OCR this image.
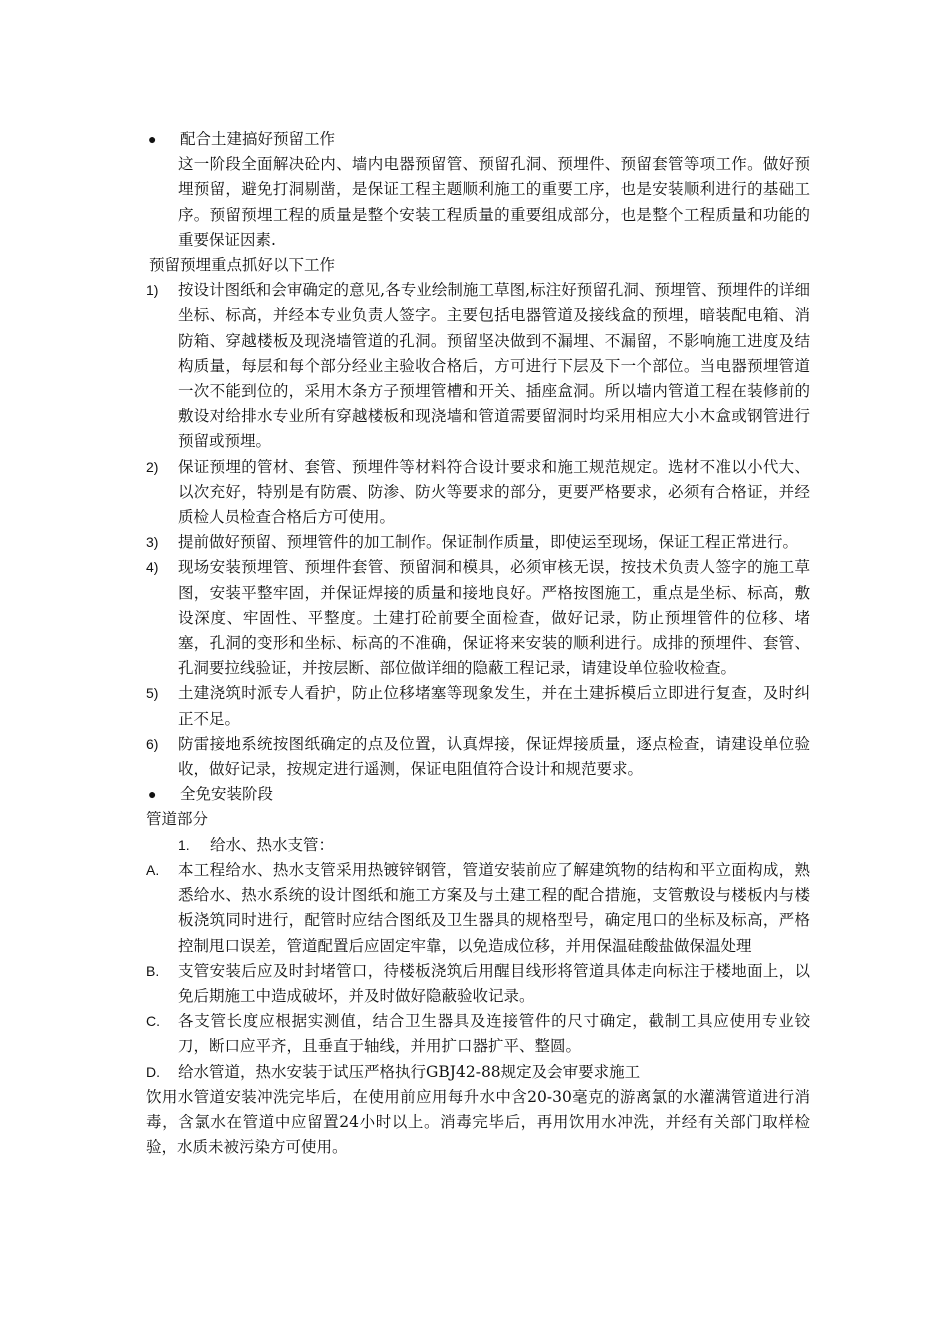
●	配合土建搞好预留工作
这一阶段全面解决砼内、墙内电器预留管、预留孔洞、预埋件、预留套管等项工作。做好预埋预留，避免打洞剔凿，是保证工程主题顺利施工的重要工序，也是安装顺利进行的基础工序。预留预埋工程的质量是整个安装工程质量的重要组成部分，也是整个工程质量和功能的重要保证因素.
预留预埋重点抓好以下工作
1)	按设计图纸和会审确定的意见,各专业绘制施工草图,标注好预留孔洞、预埋管、预埋件的详细坐标、标高，并经本专业负责人签字。主要包括电器管道及接线盒的预埋，暗装配电箱、消防箱、穿越楼板及现浇墙管道的孔洞。预留坚决做到不漏埋、不漏留，不影响施工进度及结构质量，每层和每个部分经业主验收合格后，方可进行下层及下一个部位。当电器预埋管道一次不能到位的，采用木条方子预埋管槽和开关、插座盒洞。所以墙内管道工程在装修前的敷设对给排水专业所有穿越楼板和现浇墙和管道需要留洞时均采用相应大小木盒或钢管进行预留或预埋。
2)	保证预埋的管材、套管、预埋件等材料符合设计要求和施工规范规定。选材不准以小代大、以次充好，特别是有防震、防渗、防火等要求的部分，更要严格要求，必须有合格证，并经质检人员检查合格后方可使用。
3)	提前做好预留、预埋管件的加工制作。保证制作质量，即使运至现场，保证工程正常进行。
4)	现场安装预埋管、预埋件套管、预留洞和模具，必须审核无误，按技术负责人签字的施工草图，安装平整牢固，并保证焊接的质量和接地良好。严格按图施工，重点是坐标、标高，敷设深度、牢固性、平整度。土建打砼前要全面检查，做好记录，防止预埋管件的位移、堵塞，孔洞的变形和坐标、标高的不准确，保证将来安装的顺利进行。成排的预埋件、套管、孔洞要拉线验证，并按层断、部位做详细的隐蔽工程记录，请建设单位验收检查。
5)	土建浇筑时派专人看护，防止位移堵塞等现象发生，并在土建拆模后立即进行复查，及时纠正不足。
6)	防雷接地系统按图纸确定的点及位置，认真焊接，保证焊接质量，逐点检查，请建设单位验收，做好记录，按规定进行遥测，保证电阻值符合设计和规范要求。
●	全免安装阶段
管道部分
1.	给水、热水支管：
A.	本工程给水、热水支管采用热镀锌钢管，管道安装前应了解建筑物的结构和平立面构成，熟悉给水、热水系统的设计图纸和施工方案及与土建工程的配合措施，支管敷设与楼板内与楼板浇筑同时进行，配管时应结合图纸及卫生器具的规格型号，确定甩口的坐标及标高，严格控制甩口误差，管道配置后应固定牢靠，以免造成位移，并用保温硅酸盐做保温处理
B.	支管安装后应及时封堵管口，待楼板浇筑后用醒目线形将管道具体走向标注于楼地面上，以免后期施工中造成破坏，并及时做好隐蔽验收记录。
C.	各支管长度应根据实测值，结合卫生器具及连接管件的尺寸确定，截制工具应使用专业铰刀，断口应平齐，且垂直于轴线，并用扩口器扩平、整圆。
D.	给水管道，热水安装于试压严格执行GBJ42-88规定及会审要求施工
饮用水管道安装冲洗完毕后，在使用前应用每升水中含20-30毫克的游离氯的水灌满管道进行消毒，含氯水在管道中应留置24小时以上。消毒完毕后，再用饮用水冲洗，并经有关部门取样检验，水质未被污染方可使用。
